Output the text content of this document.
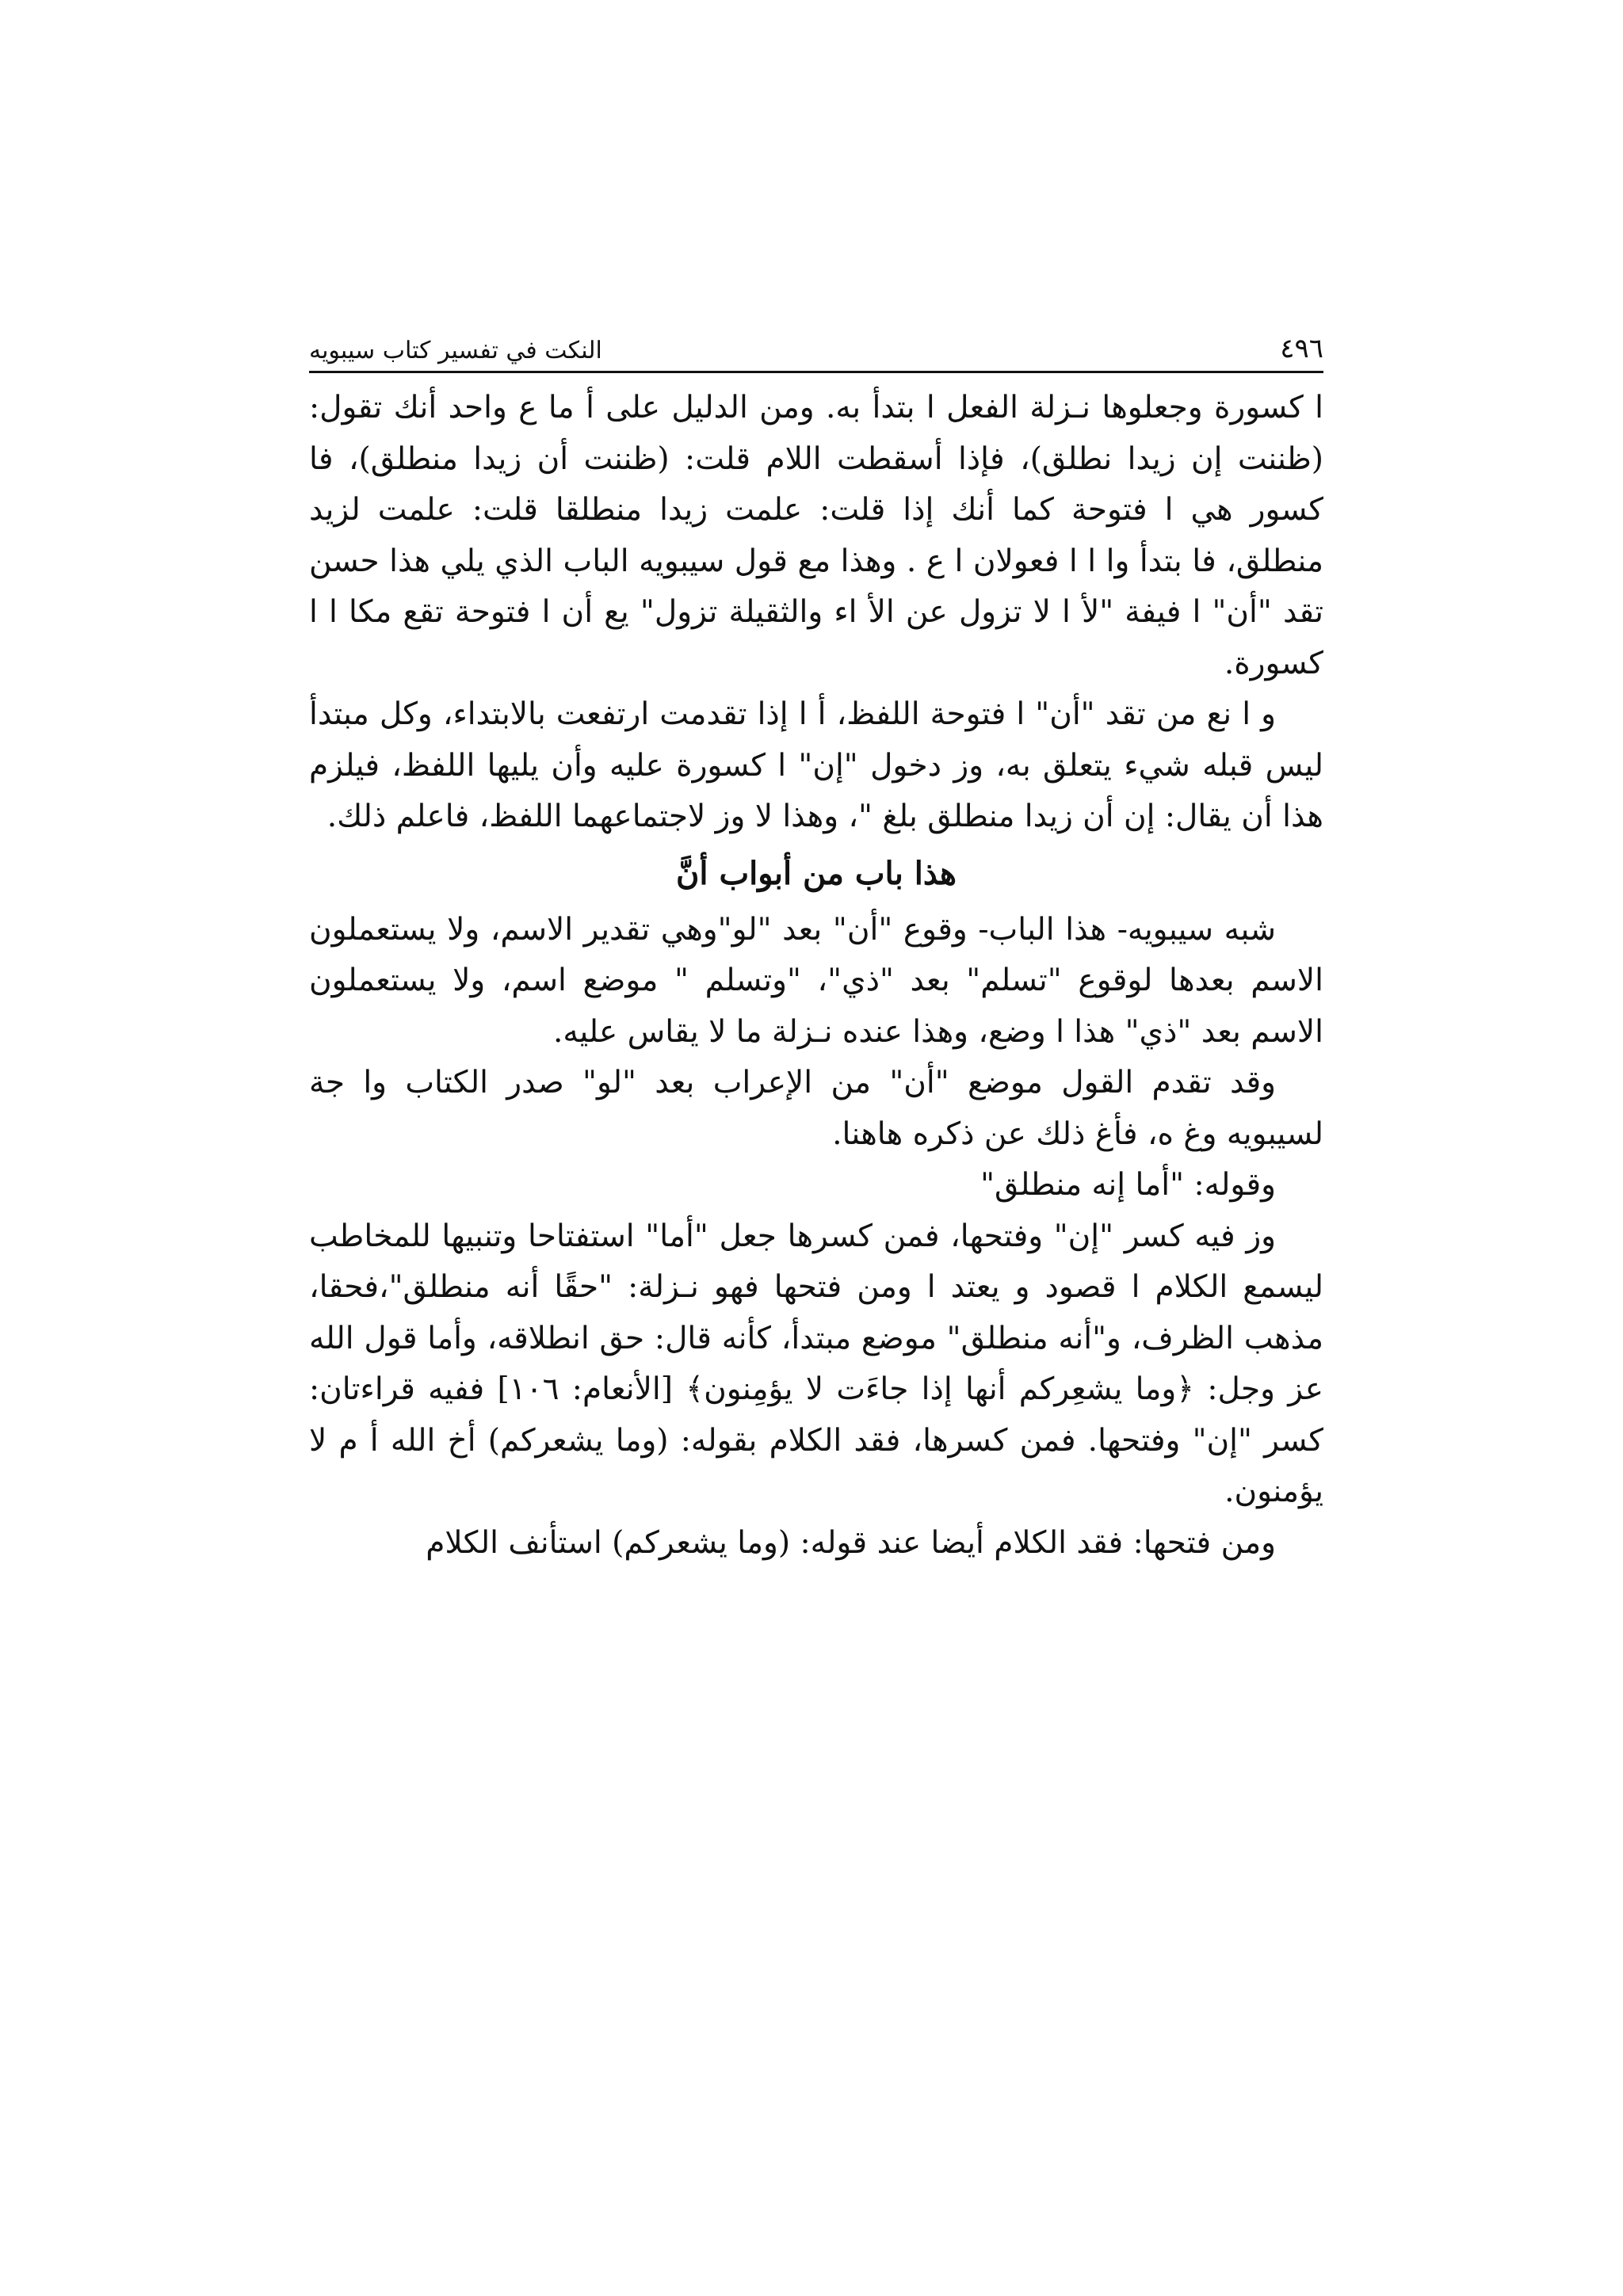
٤٩٦
النكت في تفسير كتاب سيبويه

ا كسورة وجعلوها نـزلة الفعل ا بتدأ به. ومن الدليل على أ ما ع واحد أنك تقول: (ظننت إن زيدا نطلق)، فإذا أسقطت اللام قلت: (ظننت أن زيدا منطلق)، فا كسور هي ا فتوحة كما أنك إذا قلت: علمت زيدا منطلقا قلت: علمت لزيد منطلق، فا بتدأ وا ا ا فعولان ا ع . وهذا مع قول سيبويه الباب الذي يلي هذا حسن تقد "أن" ا فيفة "لأ ا لا تزول عن الأ اء والثقيلة تزول" يع أن ا فتوحة تقع مكا ا ا كسورة.

و ا نع من تقد "أن" ا فتوحة اللفظ، أ ا إذا تقدمت ارتفعت بالابتداء، وكل مبتدأ ليس قبله شيء يتعلق به، وز دخول "إن" ا كسورة عليه وأن يليها اللفظ، فيلزم هذا أن يقال: إن أن زيدا منطلق بلغ "، وهذا لا وز لاجتماعهما اللفظ، فاعلم ذلك.

هذا باب من أبواب أنَّ

شبه سيبويه- هذا الباب- وقوع "أن" بعد "لو"وهي تقدير الاسم، ولا يستعملون الاسم بعدها لوقوع "تسلم" بعد "ذي"، "وتسلم " موضع اسم، ولا يستعملون الاسم بعد "ذي" هذا ا وضع، وهذا عنده نـزلة ما لا يقاس عليه.

وقد تقدم القول موضع "أن" من الإعراب بعد "لو" صدر الكتاب وا جة لسيبويه وغ ه، فأغ ذلك عن ذكره هاهنا.

وقوله: "أما إنه منطلق"

وز فيه كسر "إن" وفتحها، فمن كسرها جعل "أما" استفتاحا وتنبيها للمخاطب ليسمع الكلام ا قصود و يعتد ا ومن فتحها فهو نـزلة: "حقًا أنه منطلق"،فحقا، مذهب الظرف، و"أنه منطلق" موضع مبتدأ، كأنه قال: حق انطلاقه، وأما قول الله عز وجل: ﴿وما يشعِركم أنها إذا جاءَت لا يؤمِنون﴾ [الأنعام: ١٠٦] ففيه قراءتان: كسر "إن" وفتحها. فمن كسرها، فقد الكلام بقوله: (وما يشعركم) أخ الله أ م لا يؤمنون.

ومن فتحها: فقد الكلام أيضا عند قوله: (وما يشعركم) استأنف الكلام
